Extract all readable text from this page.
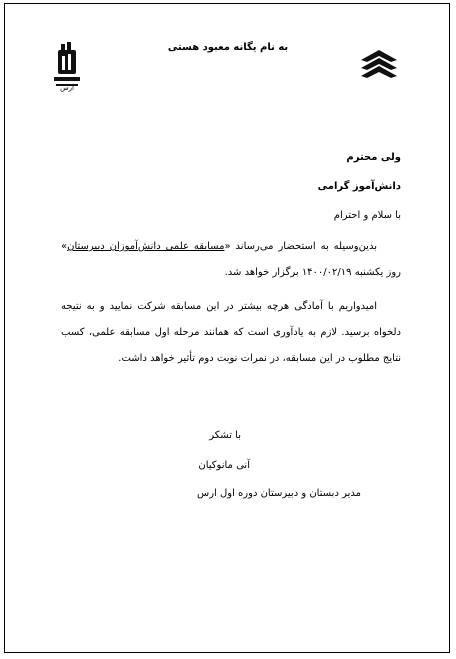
ارس
به نام یگانه معبود هستی
ولی محترم
دانش‌آموز گرامی
با سلام و احترام
بدین‌وسیله به استحضار می‌رساند «مسابقه علمی دانش‌آموزان دبیرستان» روز یکشنبه ۱۴۰۰/۰۲/۱۹ برگزار خواهد شد.
امیدواریم با آمادگی هرچه بیشتر در این مسابقه شرکت نمایید و به نتیجه دلخواه برسید. لازم به یادآوری است که همانند مرحله اول مسابقه علمی، کسب نتایج مطلوب در این مسابقه، در نمرات نوبت دوم تأثیر خواهد داشت.
با تشکر
آنی مانوکیان
مدیر دبستان و دبیرستان دوره اول ارس
